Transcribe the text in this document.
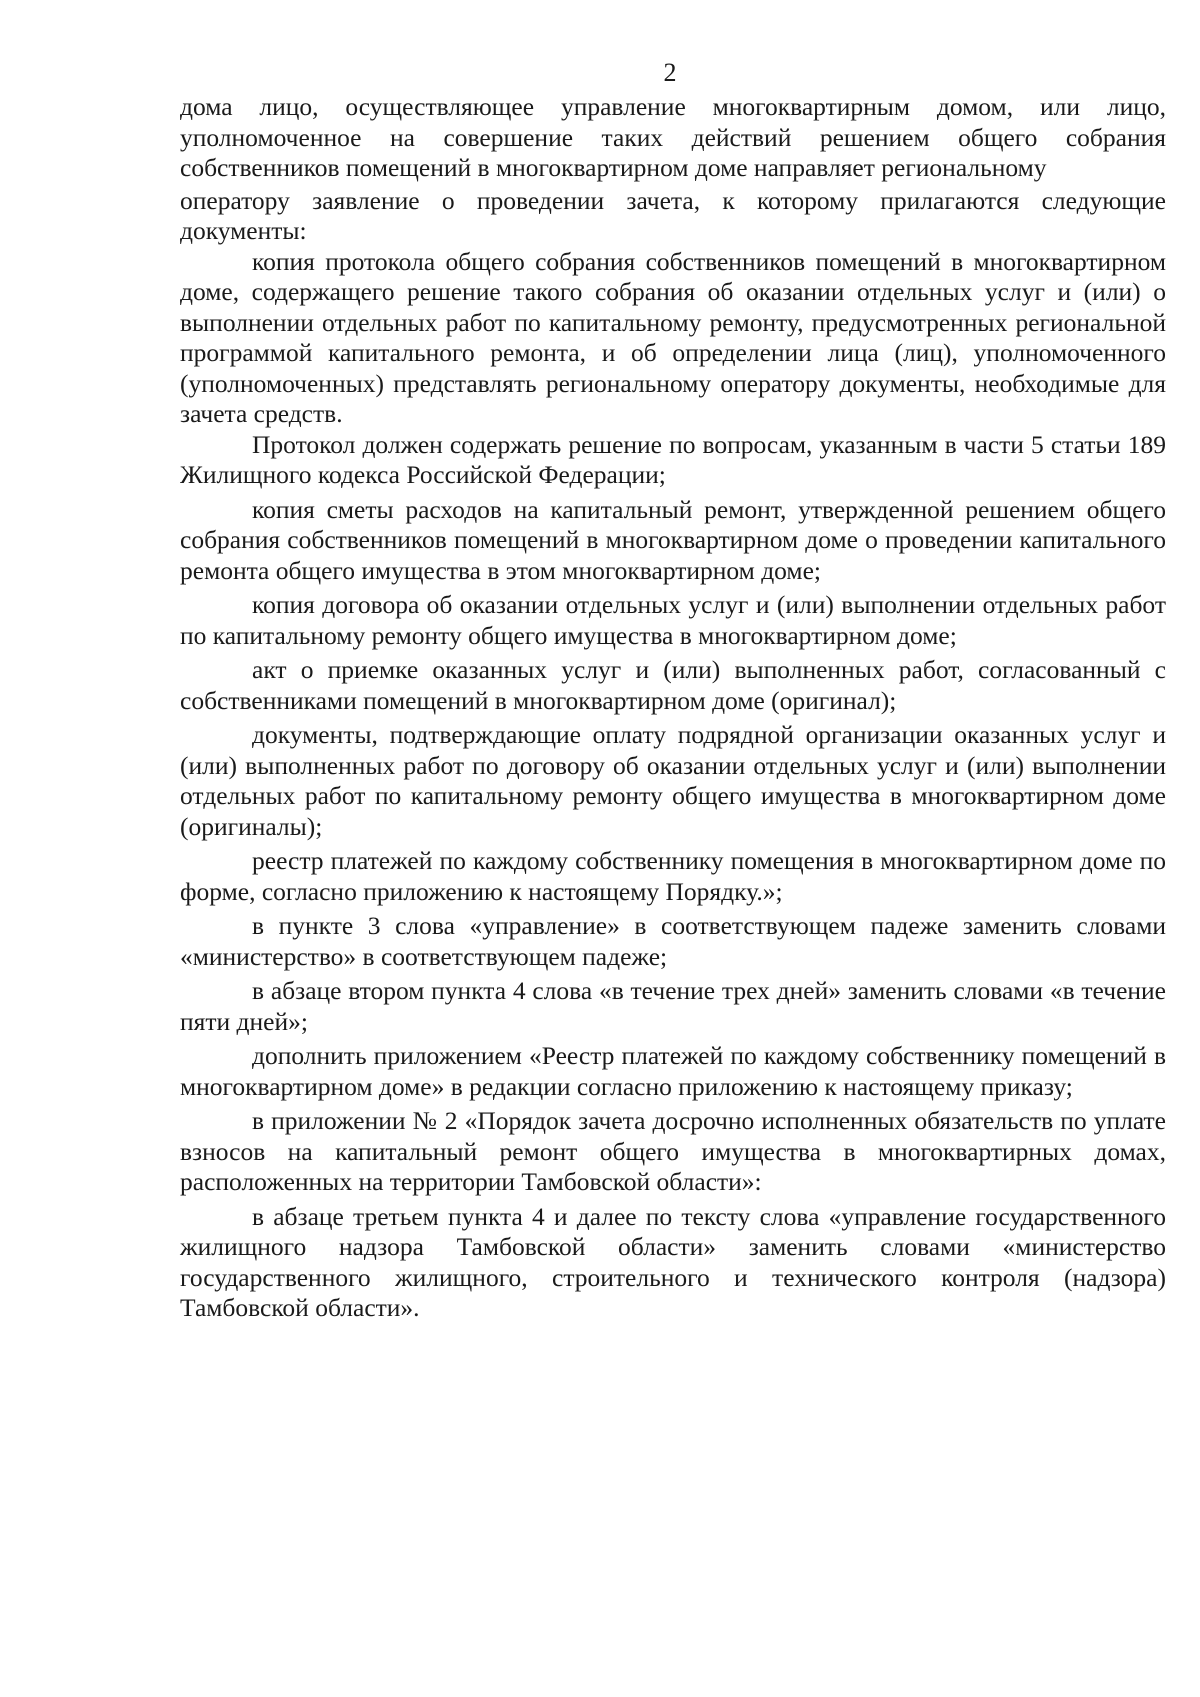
2

дома лицо, осуществляющее управление многоквартирным домом, или лицо, уполномоченное на совершение таких действий решением общего собрания собственников помещений в многоквартирном доме направляет региональному

оператору заявление о проведении зачета, к которому прилагаются следующие документы:

копия протокола общего собрания собственников помещений в многоквартирном доме, содержащего решение такого собрания об оказании отдельных услуг и (или) о выполнении отдельных работ по капитальному ремонту, предусмотренных региональной программой капитального ремонта, и об определении лица (лиц), уполномоченного (уполномоченных) представлять региональному оператору документы, необходимые для зачета средств.

Протокол должен содержать решение по вопросам, указанным в части 5 статьи 189 Жилищного кодекса Российской Федерации;

копия сметы расходов на капитальный ремонт, утвержденной решением общего собрания собственников помещений в многоквартирном доме о проведении капитального ремонта общего имущества в этом многоквартирном доме;

копия договора об оказании отдельных услуг и (или) выполнении отдельных работ по капитальному ремонту общего имущества в многоквартирном доме;

акт о приемке оказанных услуг и (или) выполненных работ, согласованный с собственниками помещений в многоквартирном доме (оригинал);

документы, подтверждающие оплату подрядной организации оказанных услуг и (или) выполненных работ по договору об оказании отдельных услуг и (или) выполнении отдельных работ по капитальному ремонту общего имущества в многоквартирном доме (оригиналы);

реестр платежей по каждому собственнику помещения в многоквартирном доме по форме, согласно приложению к настоящему Порядку.»;

в пункте 3 слова «управление» в соответствующем падеже заменить словами «министерство» в соответствующем падеже;

в абзаце втором пункта 4 слова «в течение трех дней» заменить словами «в течение пяти дней»;

дополнить приложением «Реестр платежей по каждому собственнику помещений в многоквартирном доме» в редакции согласно приложению к настоящему приказу;

в приложении № 2 «Порядок зачета досрочно исполненных обязательств по уплате взносов на капитальный ремонт общего имущества в многоквартирных домах, расположенных на территории Тамбовской области»:

в абзаце третьем пункта 4 и далее по тексту слова «управление государственного жилищного надзора Тамбовской области» заменить словами «министерство государственного жилищного, строительного и технического контроля (надзора) Тамбовской области».
